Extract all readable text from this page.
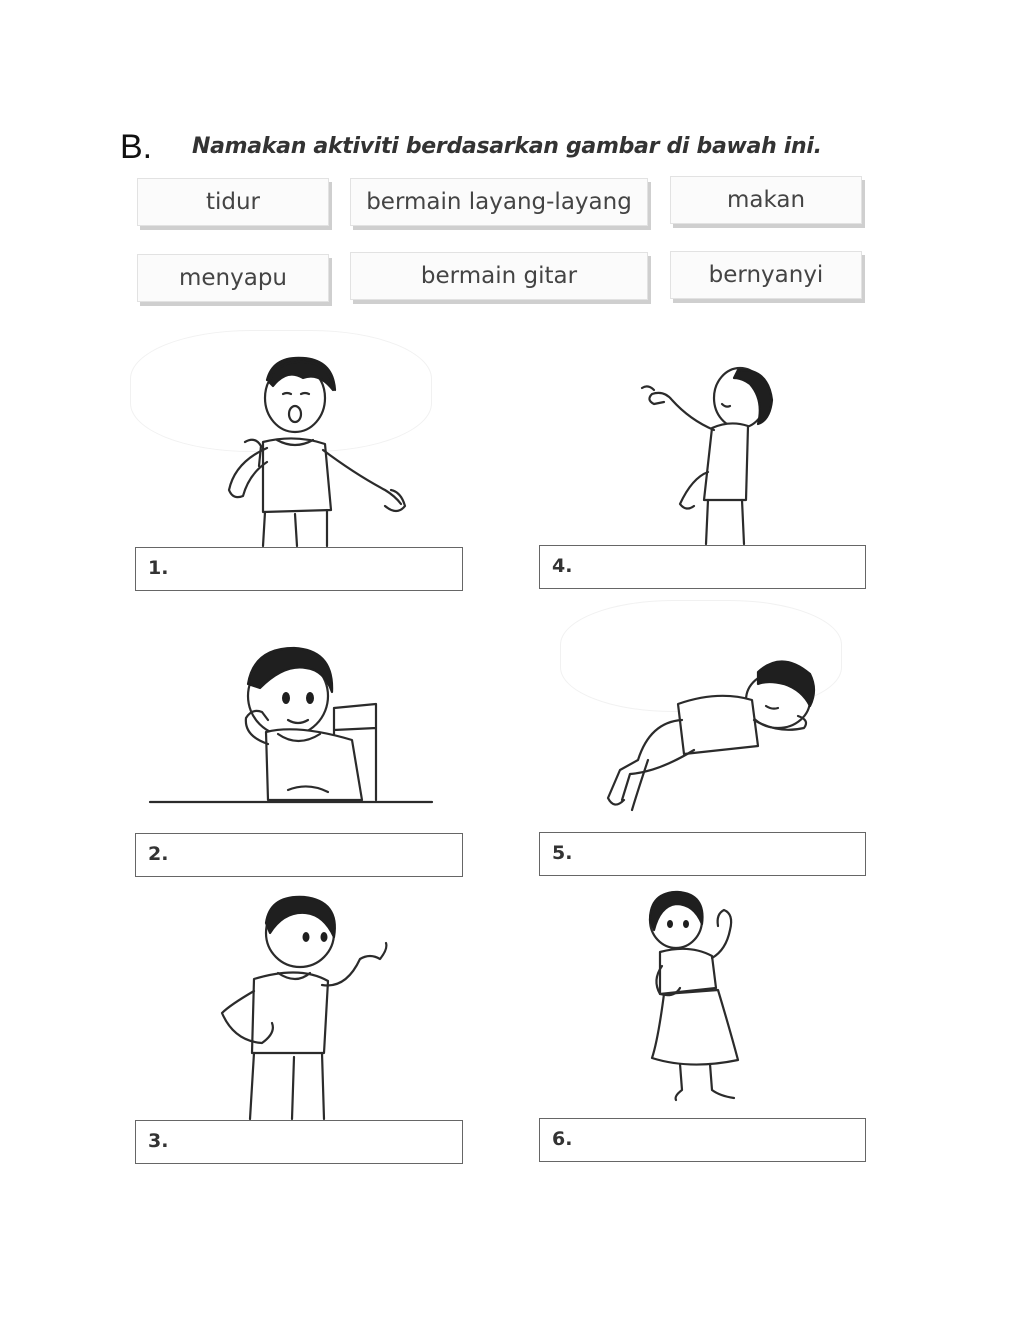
B. Namakan aktiviti berdasarkan gambar di bawah ini.
tidur	bermain layang-layang	makan
menyapu	bermain gitar	bernyanyi
1.	4.
2.	5.
3.	6.
